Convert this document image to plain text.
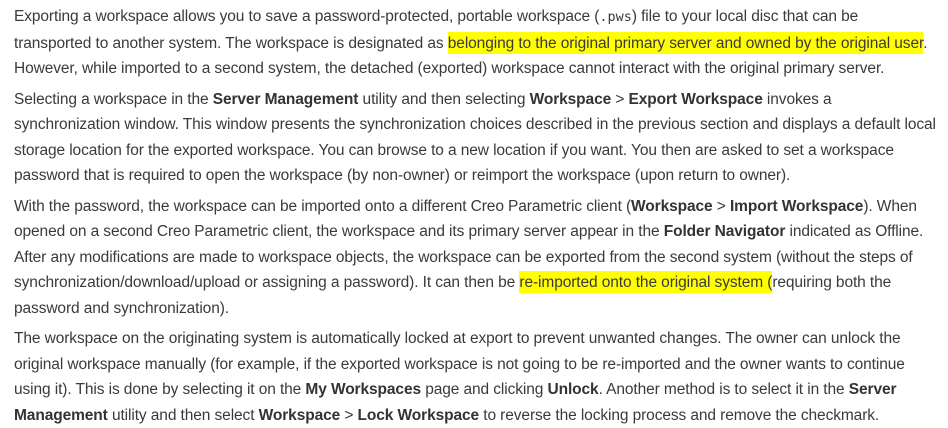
Exporting a workspace allows you to save a password-protected, portable workspace (.pws) file to your local disc that can be transported to another system. The workspace is designated as belonging to the original primary server and owned by the original user. However, while imported to a second system, the detached (exported) workspace cannot interact with the original primary server.

Selecting a workspace in the Server Management utility and then selecting Workspace > Export Workspace invokes a synchronization window. This window presents the synchronization choices described in the previous section and displays a default local storage location for the exported workspace. You can browse to a new location if you want. You then are asked to set a workspace password that is required to open the workspace (by non-owner) or reimport the workspace (upon return to owner).

With the password, the workspace can be imported onto a different Creo Parametric client (Workspace > Import Workspace). When opened on a second Creo Parametric client, the workspace and its primary server appear in the Folder Navigator indicated as Offline. After any modifications are made to workspace objects, the workspace can be exported from the second system (without the steps of synchronization/download/upload or assigning a password). It can then be re-imported onto the original system (requiring both the password and synchronization).

The workspace on the originating system is automatically locked at export to prevent unwanted changes. The owner can unlock the original workspace manually (for example, if the exported workspace is not going to be re-imported and the owner wants to continue using it). This is done by selecting it on the My Workspaces page and clicking Unlock. Another method is to select it in the Server Management utility and then select Workspace > Lock Workspace to reverse the locking process and remove the checkmark.
